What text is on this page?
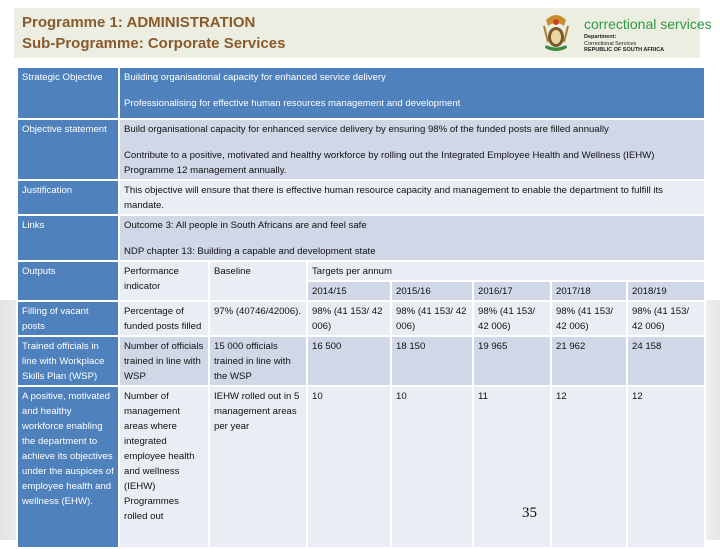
Programme 1: ADMINISTRATION
Sub-Programme: Corporate Services
correctional services
Department:
Correctional Services
REPUBLIC OF SOUTH AFRICA
Strategic Objective	Building organisational capacity for enhanced service delivery
Professionalising for effective human resources management and development						

Objective statement	Build organisational capacity for enhanced service delivery by ensuring 98% of the funded posts are filled annually
Contribute to a positive, motivated and healthy workforce by rolling out the Integrated Employee Health and Wellness (IEHW) Programme 12 management annually.						

Justification	This objective will ensure that there is effective human resource capacity and management to enable the department to fulfill its mandate.						
Links	Outcome 3: All people in South Africans are and feel safe
NDP chapter 13: Building a capable and development state						

Outputs	Performance indicator	Baseline	Targets per annum				
			2014/15	2015/16	2016/17	2017/18	2018/19
Filling of vacant posts	Percentage of funded posts filled	97% (40746/42006).	98% (41 153/ 42 006)	98% (41 153/ 42 006)	98% (41 153/ 42 006)	98% (41 153/ 42 006)	98% (41 153/ 42 006)
Trained officials in line with Workplace Skills Plan (WSP)	Number of officials trained in line with WSP	15 000 officials trained in line with the WSP	16 500	18 150	19 965	21 962	24 158
A positive, motivated and healthy workforce enabling the department to achieve its objectives under the auspices of employee health and wellness (EHW).	Number of management areas where integrated employee health and wellness (IEHW) Programmes rolled out	IEHW rolled out in 5 management areas per year	10	10	11	12	12
35
